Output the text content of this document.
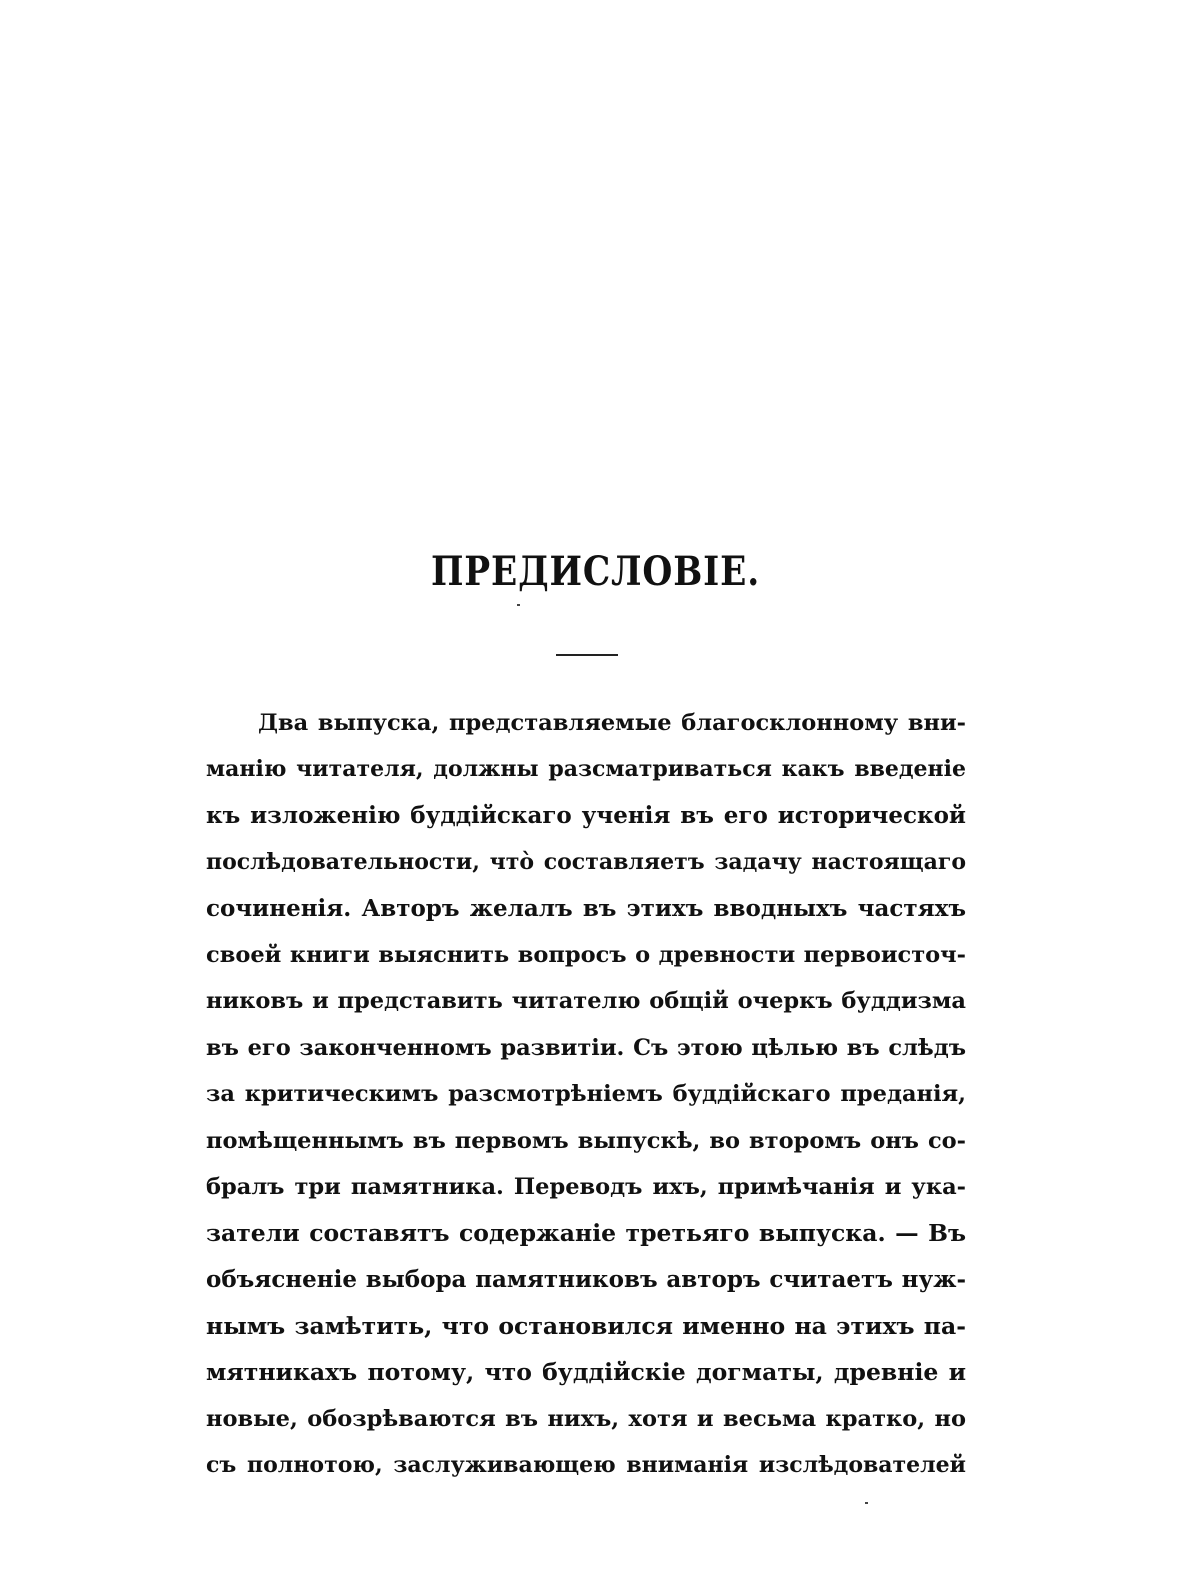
ПРЕДИСЛОВІЕ.
Два выпуска, представляемые благосклонному вни-
манію читателя, должны разсматриваться какъ введеніе
къ изложенію буддійскаго ученія въ его исторической
послѣдовательности, что̀ составляетъ задачу настоящаго
сочиненія. Авторъ желалъ въ этихъ вводныхъ частяхъ
своей книги выяснить вопросъ о древности первоисточ-
никовъ и представить читателю общій очеркъ буддизма
въ его законченномъ развитіи. Съ этою цѣлью въ слѣдъ
за критическимъ разсмотрѣніемъ буддійскаго преданія,
помѣщеннымъ въ первомъ выпускѣ, во второмъ онъ со-
бралъ три памятника. Переводъ ихъ, примѣчанія и ука-
затели составятъ содержаніе третьяго выпуска. — Въ
объясненіе выбора памятниковъ авторъ считаетъ нуж-
нымъ замѣтить, что остановился именно на этихъ па-
мятникахъ потому, что буддійскіе догматы, древніе и
новые, обозрѣваются въ нихъ, хотя и весьма кратко, но
съ полнотою, заслуживающею вниманія изслѣдователей
